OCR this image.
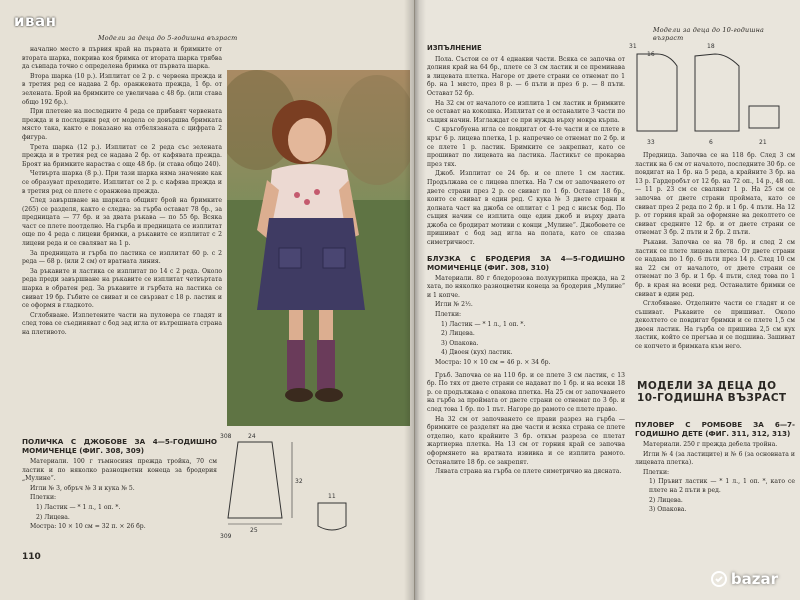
Модели за деца до 5-годишна възраст

начално место в първия край на първата и бримките от втората шарка, покрива коя бримка от втората шарка трябва да съвпада точно с определена бримка от първата шарка.

Втора шарка (10 р.). Изплитат се 2 р. с червена прежда и в третия ред се надава 2 бр. оранжевата прежда, 1 бр. от зелената. Брой на бримките се увеличава с 48 бр. (или става общо 192 бр.).

При плетене на последните 4 реда се прибавят червената прежда и в последния ред от модела се довършва бримката място така, както е показано на отбелязаната с цифрата 2 фигура.

Трета шарка (12 р.). Изплитат се 2 реда със зелената прежда и в третия ред се надава 2 бр. от кафявата прежда. Броят на бримките нараства с още 48 бр. (и става общо 240).

Четвърта шарка (8 р.). При тази шарка няма значение как се образуват преходите. Изплитат се 2 р. с кафява прежда и в третия ред се плете с оранжева прежда.

След завършване на шарката общият брой на бримките (265) се разделя, както е следва: за гърба остават 78 бр., за предницата — 77 бр. и за двата ръкава — по 55 бр. Всяка част се плете поотделно. На гърба и предницата се изплитат още по 4 реда с лицеви бримки, а ръкавите се изплитат с 2 лицеви реда и се сваляват на 1 р.

За предницата и гърба по ластика се изплитат 60 р. с 2 реда — 68 р. (или 2 см) от вратната линия.

За ръкавите и ластика се изплитат по 14 с 2 реда. Около реда преди завършване на ръкавите се изплитат четвъртата шарка в обратен ред. За ръкавите и гърбата на ластика се свиват 19 бр. Гъбите се свиват и се свързват с 18 р. ластик и се оформя в гладкото.

Сглобяване. Изплетените части на пуловера се гладят и след това се съединяват с бод зад игла от вътрешната страна на плетивото.

ПОЛИЧКА С ДЖОБОВЕ ЗА 4—5-ГОДИШНО МОМИЧЕНЦЕ (ФИГ. 308, 309)

Материали. 100 г тъмносиня прежда тройка, 70 см ластик и по няколко разноцветни конеца за бродерия „Мулине“.

Игли № 3, обръч № 3 и кука № 5.

Плетки:

1) Ластик — * 1 л., 1 оп. *.

2) Лицева.

Мостра: 10 × 10 см = 32 п. × 26 бр.

110
308
25
32
24
11
309
иван	Модели за деца до 10-годишна възраст
ИЗПЪЛНЕНИЕ

Пола. Състои се от 4 еднакви части. Всяка се започва от долния край на 64 бр., плете се 3 см ластик и се преминава в лицевата плетка. Нагоре от двете страни се отнемат по 1 бр. на 1 място, през 8 р. — 6 пъти и през 6 р. — 8 пъти. Остават 52 бр.

На 32 см от началото се изплита 1 см ластик и бримките се остават на кокошка. Изплитат се и останалите 3 части по същия начин. Изглаждат се при нужда върху мокра кърпа.

С кръгобуена игла се повдигат от 4-те части и се плете в кръг 6 р. лицева плетка, 1 р. напречно се отнемат по 2 бр. и се плете 1 р. ластик. Бримките се закрепват, като се прошиват по лицевата на ластика. Ластикът се прокарва през тях.

Джоб. Изплитат се 24 бр. и се плете 1 см ластик. Продължава се с лицева плетка. На 7 см от започването от двете страни през 2 р. се свиват по 1 бр. Остават 18 бр., които се свиват в един ред. С кука № 3 двете страни и долната част на джоба се оплитат с 1 ред с нисък бод. По същия начин се изплита още един джоб и върху двата джоба се бродират мотиви с конци „Мулине“. Джобовете се пришиват с бод зад игла на полата, като се спазва симетричност.

БЛУЗКА С БРОДЕРИЯ ЗА 4—5-ГОДИШНО МОМИЧЕНЦЕ (ФИГ. 308, 310)

Материали. 80 г бледорозова полукурипка прежда, на 2 хата, по няколко разноцветни конеца за бродерия „Мулине“ и 1 копче.

Игли № 2½.

Плетки:

1) Ластик — * 1 л., 1 оп. *.

2) Лицева.

3) Опакова.

4) Двоен (кух) ластик.

Мостра: 10 × 10 см = 46 р. × 34 бр.

Гръб. Започва се на 110 бр. и се плете 3 см ластик, с 13 бр. По тях от двете страни се надават по 1 бр. и на всеки 18 р. се продължава с опакова плетка. На 25 см от започването на гърба за проймата от двете страни се отнемат по 3 бр. и след това 1 бр. по 1 път. Нагоре до рамото се плете право.

На 32 см от започването се прави разрез на гърба — бримките се разделят на две части и всяка страна се плете отделно, като крайните 3 бр. откъм разреза се плетат жартиерна плетка. На 13 см от горния край се започва оформянето на вратната извивка и се изплита рамото. Останалите 18 бр. се закрепят.

Лявата страна на гърба се плете симетрично на дясната.

31
16
18
33	6	21

Предница. Започва се на 118 бр. След 3 см ластик на 6 см от началото, последните 30 бр. се повдигат на 1 бр. на 5 реда, а крайните 3 бр. на 13 р. Гардеробът от 12 бр. на 72 оп., 14 р., 48 оп. — 11 р. 23 см се сваляват 1 р. На 25 см се започва от двете страни проймата, като се свиват през 2 реда по 2 бр. и 1 бр. 4 пъти. На 12 р. от горния край за оформяне на деколтето се свиват средните 12 бр. и от двете страни се отнемат 3 бр. 2 пъти и 2 бр. 2 пъти.

Ръкави. Започва се на 78 бр. и след 2 см ластик се плете лицева плетка. От двете страни се надава по 1 бр. 6 пъти през 14 р. След 10 см на 22 см от началото, от двете страни се отнемат по 3 бр. и 1 бр. 4 пъти, след това по 1 бр. в края на всеки ред. Останалите бримки се свиват в един ред.

Сглобяване. Отделните части се гладят и се съшиват. Ръкавите се пришиват. Около деколтето се повдигат бримки и се плете 1,5 см двоен ластик. На гърба се пришива 2,5 см кух ластик, който се прегъва и се подшива. Зашиват се копчето и бримката към него.

МОДЕЛИ ЗА ДЕЦА ДО 10-ГОДИШНА ВЪЗРАСТ
ПУЛОВЕР С РОМБОВЕ ЗА 6—7-ГОДИШНО ДЕТЕ (ФИГ. 311, 312, 313)

Материали. 250 г прежда дебела тройна.

Игли № 4 (за ластиците) и № 6 (за основната и лицевата плетка).

Плетки:

1) Пръвит ластик — * 1 л., 1 оп. *, като се плете на 2 пъти в ред.

2) Лицева.

3) Опакова.

bazar
